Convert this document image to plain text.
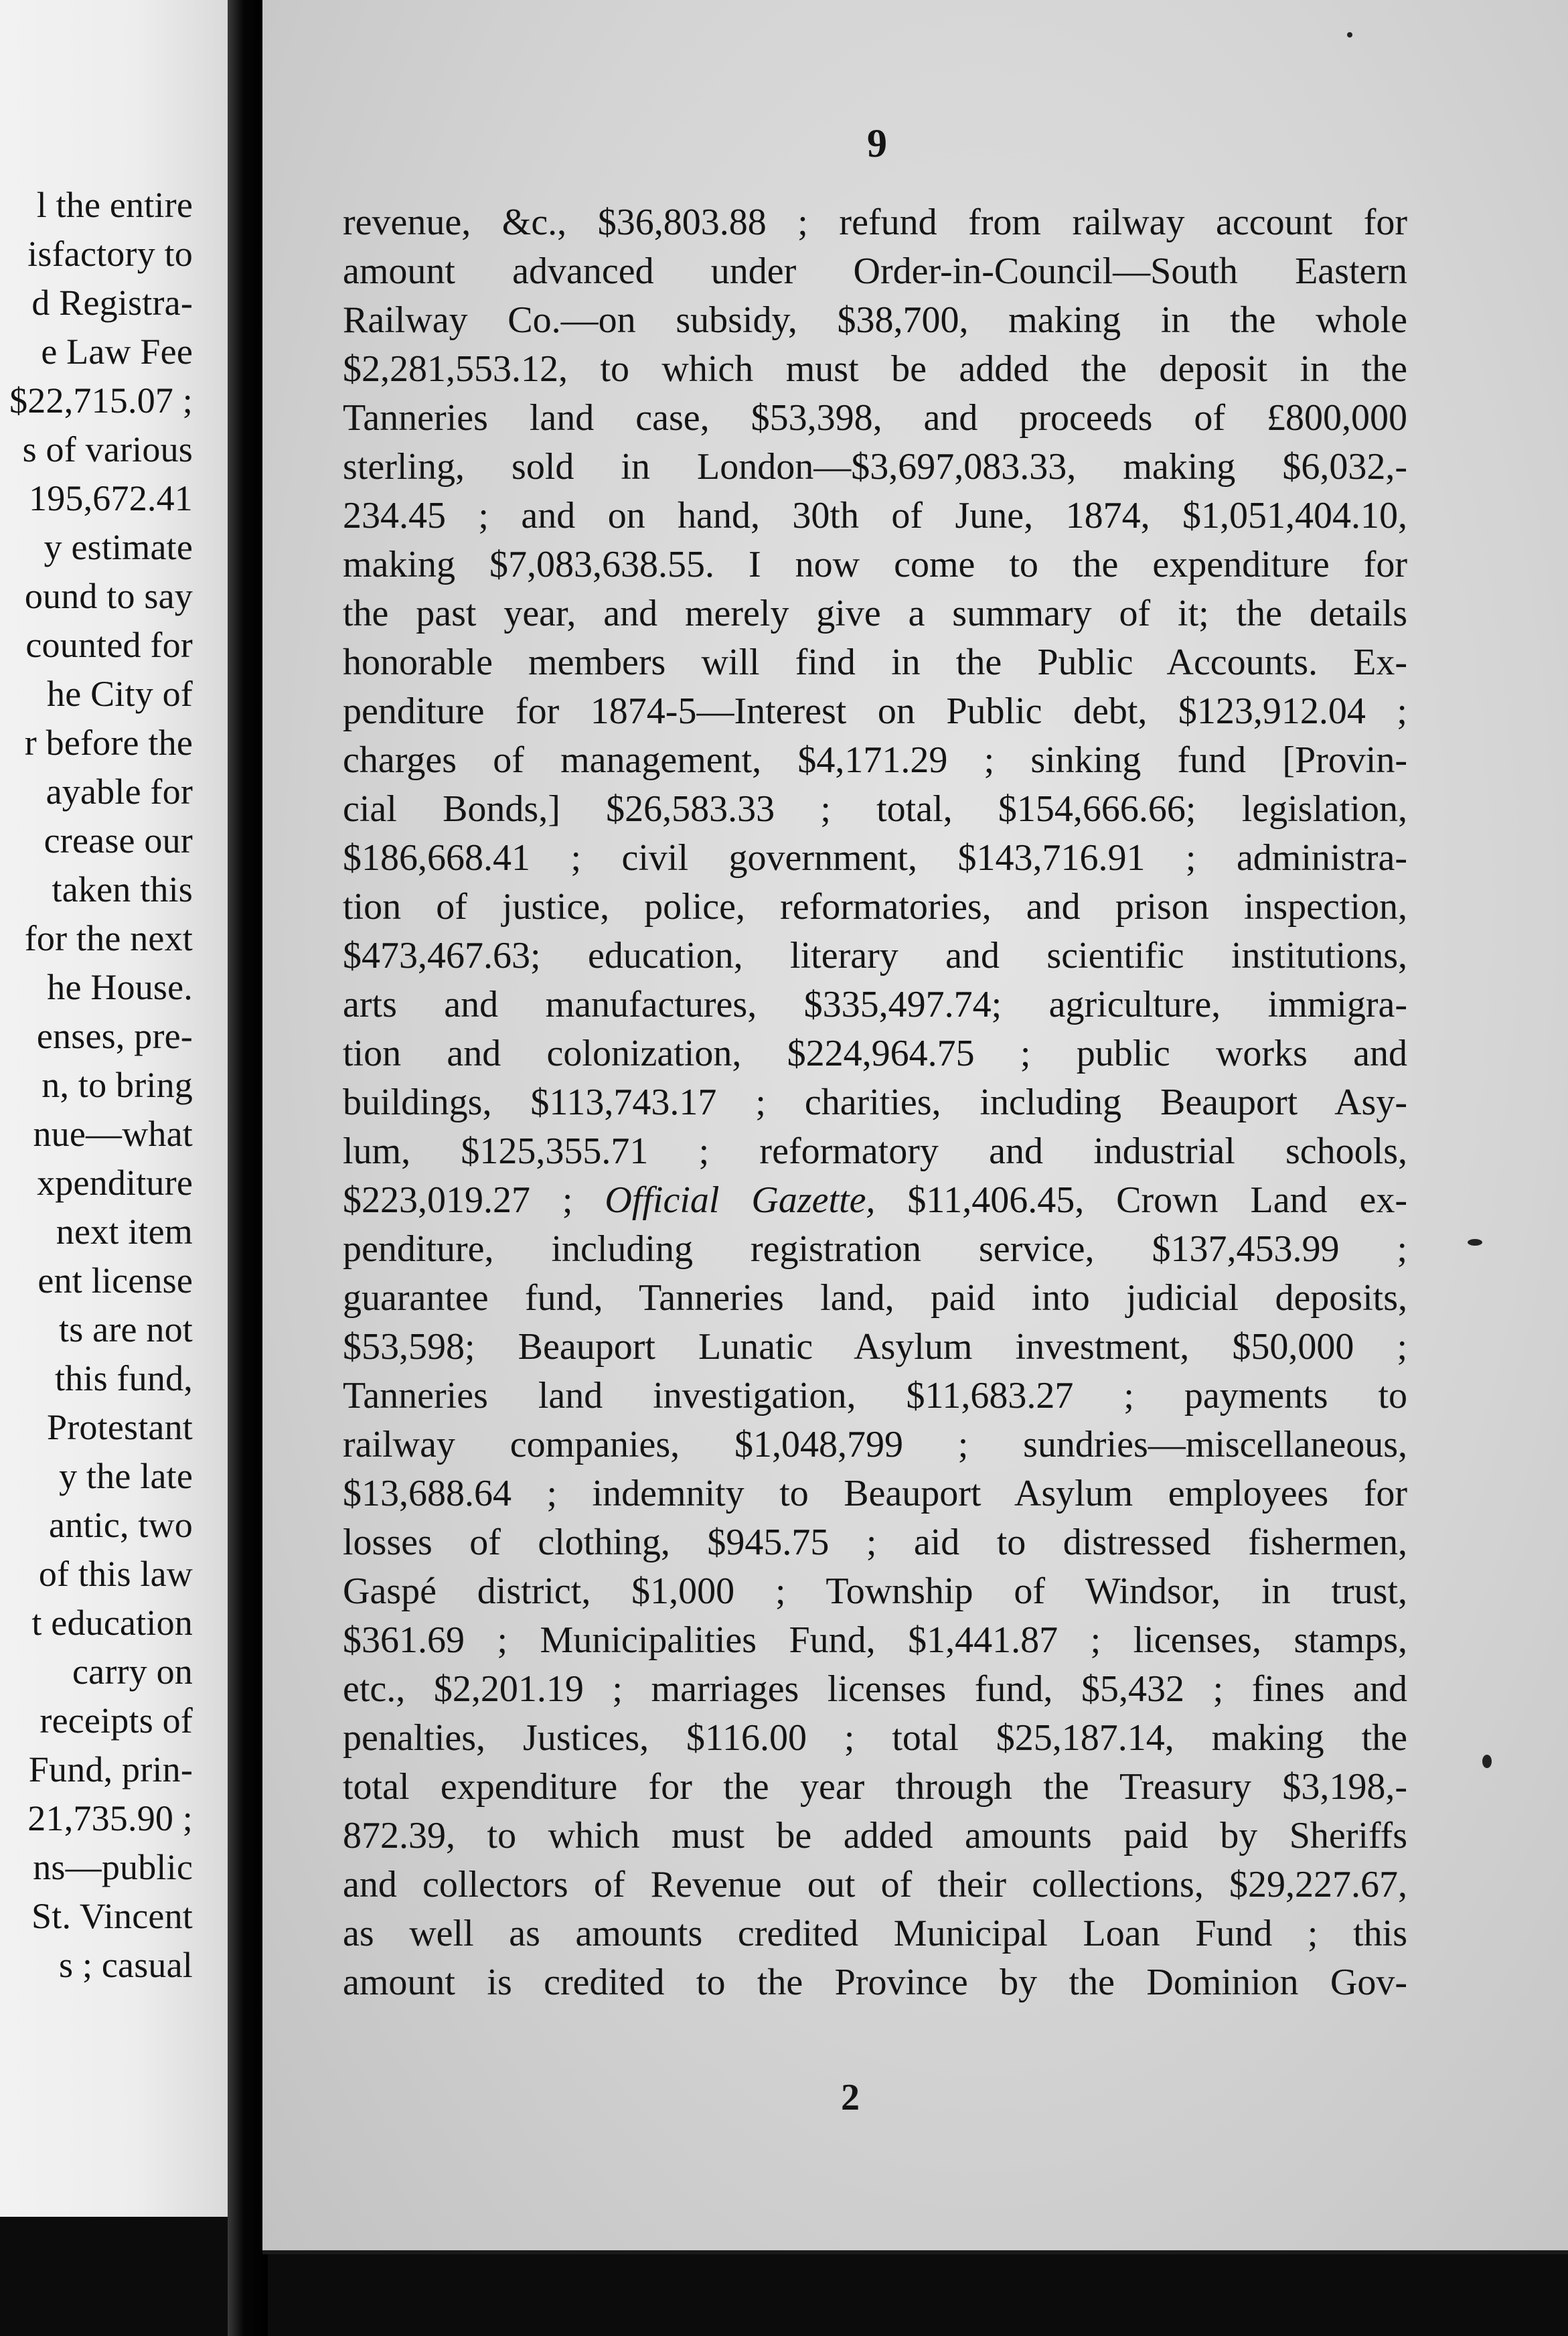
l the entire
isfactory to
d Registra-
e Law Fee
$22,715.07 ;
s of various
195,672.41
y estimate
ound to say
counted for
he City of
r before the
ayable for
crease our
taken this
for the next
he House.
enses, pre-
n, to bring
nue—what
xpenditure
next item
ent license
ts are not
this fund,
Protestant
y the late
antic, two
of this law
t education
carry on
receipts of
Fund, prin-
21,735.90 ;
ns—public
St. Vincent
s ; casual
9
revenue, &c., $36,803.88 ; refund from railway account for
amount advanced under Order-in-Council—South Eastern
Railway Co.—on subsidy, $38,700, making in the whole
$2,281,553.12, to which must be added the deposit in the
Tanneries land case, $53,398, and proceeds of £800,000
sterling, sold in London—$3,697,083.33, making $6,032,-
234.45 ; and on hand, 30th of June, 1874, $1,051,404.10,
making $7,083,638.55. I now come to the expenditure for
the past year, and merely give a summary of it; the details
honorable members will find in the Public Accounts. Ex-
penditure for 1874-5—Interest on Public debt, $123,912.04 ;
charges of management, $4,171.29 ; sinking fund [Provin-
cial Bonds,] $26,583.33 ; total, $154,666.66; legislation,
$186,668.41 ; civil government, $143,716.91 ; administra-
tion of justice, police, reformatories, and prison inspection,
$473,467.63; education, literary and scientific institutions,
arts and manufactures, $335,497.74; agriculture, immigra-
tion and colonization, $224,964.75 ; public works and
buildings, $113,743.17 ; charities, including Beauport Asy-
lum, $125,355.71 ; reformatory and industrial schools,
$223,019.27 ; Official Gazette, $11,406.45, Crown Land ex-
penditure, including registration service, $137,453.99 ;
guarantee fund, Tanneries land, paid into judicial deposits,
$53,598; Beauport Lunatic Asylum investment, $50,000 ;
Tanneries land investigation, $11,683.27 ; payments to
railway companies, $1,048,799 ; sundries—miscellaneous,
$13,688.64 ; indemnity to Beauport Asylum employees for
losses of clothing, $945.75 ; aid to distressed fishermen,
Gaspé district, $1,000 ; Township of Windsor, in trust,
$361.69 ; Municipalities Fund, $1,441.87 ; licenses, stamps,
etc., $2,201.19 ; marriages licenses fund, $5,432 ; fines and
penalties, Justices, $116.00 ; total $25,187.14, making the
total expenditure for the year through the Treasury $3,198,-
872.39, to which must be added amounts paid by Sheriffs
and collectors of Revenue out of their collections, $29,227.67,
as well as amounts credited Municipal Loan Fund ; this
amount is credited to the Province by the Dominion Gov-
2
